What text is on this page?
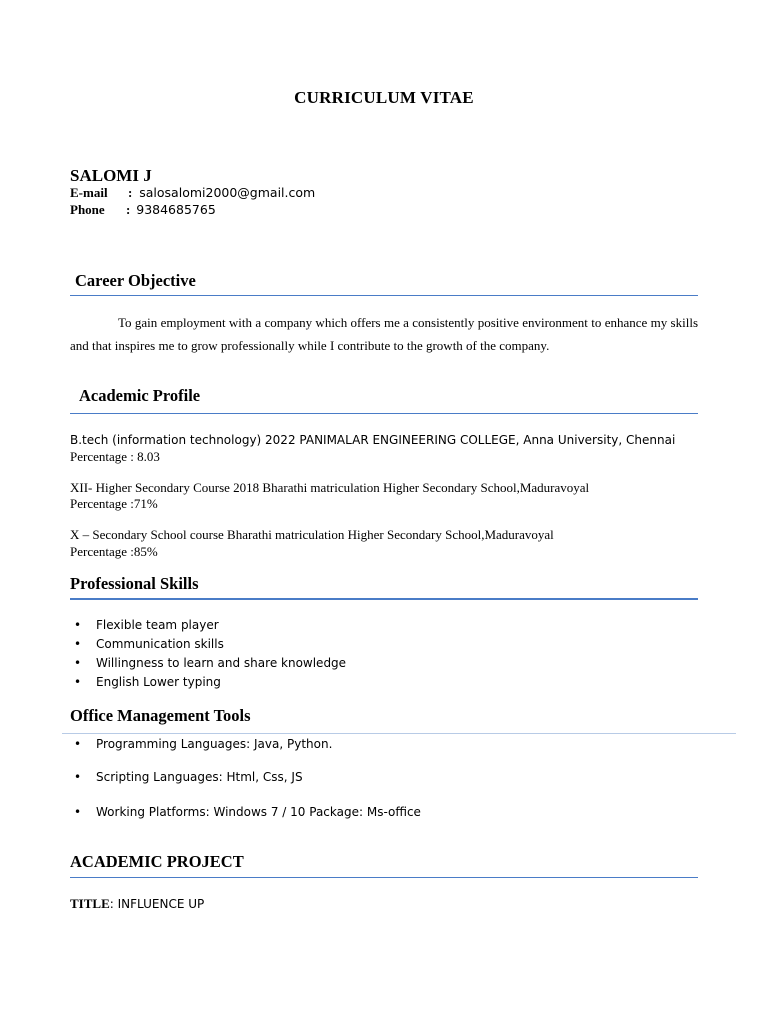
CURRICULUM VITAE
SALOMI J
E-mail : salosalomi2000@gmail.com
Phone : 9384685765
Career Objective
To gain employment with a company which offers me a consistently positive environment to enhance my skills and that inspires me to grow professionally while I contribute to the growth of the company.
Academic Profile
B.tech (information technology) 2022 PANIMALAR ENGINEERING COLLEGE, Anna University, Chennai
Percentage : 8.03
XII- Higher Secondary Course 2018 Bharathi matriculation Higher Secondary School,Maduravoyal
Percentage :71%
X – Secondary School course Bharathi matriculation Higher Secondary School,Maduravoyal
Percentage :85%
Professional Skills
• Flexible team player
• Communication skills
• Willingness to learn and share knowledge
• English Lower typing
Office Management Tools
• Programming Languages: Java, Python.
• Scripting Languages: Html, Css, JS
• Working Platforms: Windows 7 / 10 Package: Ms-office
ACADEMIC PROJECT
TITLE: INFLUENCE UP
